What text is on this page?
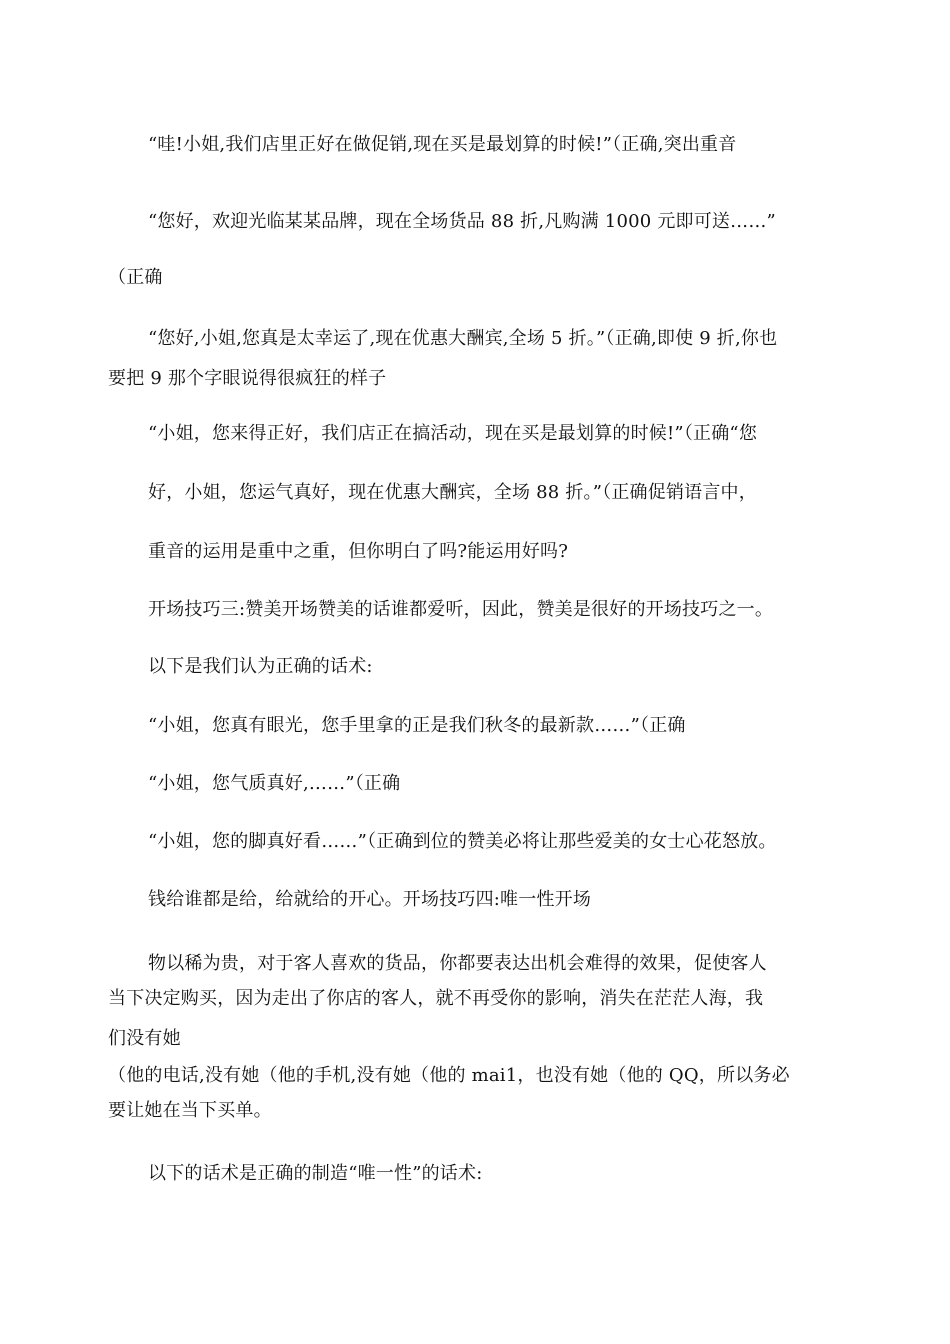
“哇!小姐,我们店里正好在做促销,现在买是最划算的时候!”（正确,突出重音
“您好，欢迎光临某某品牌，现在全场货品 88 折,凡购满 1000 元即可送……”
（正确
“您好,小姐,您真是太幸运了,现在优惠大酬宾,全场 5 折。”（正确,即使 9 折,你也
要把 9 那个字眼说得很疯狂的样子
“小姐，您来得正好，我们店正在搞活动，现在买是最划算的时候!”（正确“您
好，小姐，您运气真好，现在优惠大酬宾，全场 88 折。”（正确促销语言中，
重音的运用是重中之重，但你明白了吗?能运用好吗?
开场技巧三:赞美开场赞美的话谁都爱听，因此，赞美是很好的开场技巧之一。
以下是我们认为正确的话术:
“小姐，您真有眼光，您手里拿的正是我们秋冬的最新款……”（正确
“小姐，您气质真好,……”（正确
“小姐，您的脚真好看……”（正确到位的赞美必将让那些爱美的女士心花怒放。
钱给谁都是给，给就给的开心。开场技巧四:唯一性开场
物以稀为贵，对于客人喜欢的货品，你都要表达出机会难得的效果，促使客人
当下决定购买，因为走出了你店的客人，就不再受你的影响，消失在茫茫人海，我
们没有她
（他的电话,没有她（他的手机,没有她（他的 mai1，也没有她（他的 QQ，所以务必
要让她在当下买单。
以下的话术是正确的制造“唯一性”的话术:
